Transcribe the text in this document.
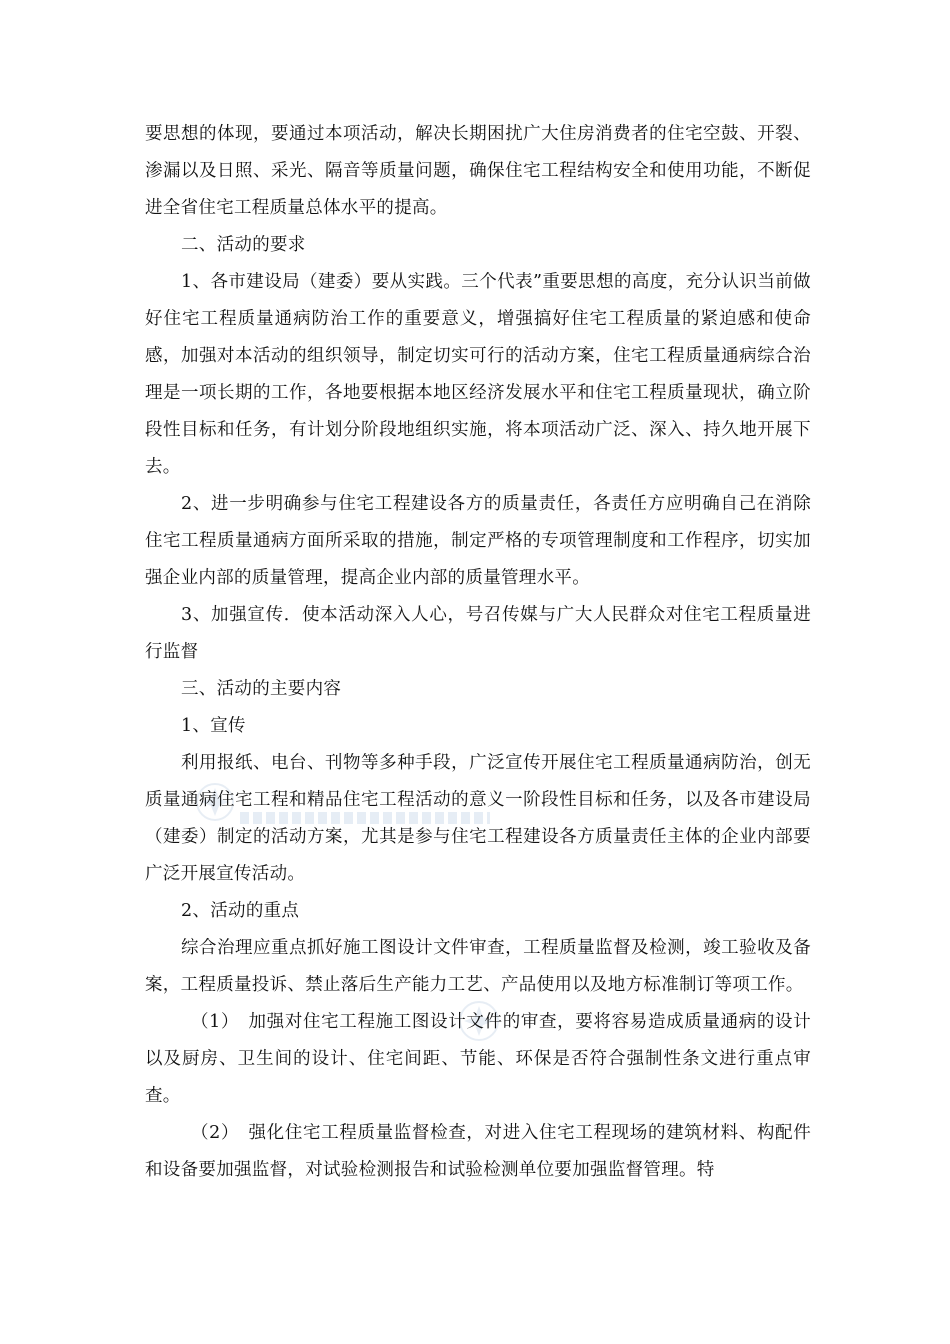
要思想的体现，要通过本项活动，解决长期困扰广大住房消费者的住宅空鼓、开裂、渗漏以及日照、采光、隔音等质量问题，确保住宅工程结构安全和使用功能，不断促进全省住宅工程质量总体水平的提高。

二、活动的要求

1、各市建设局（建委）要从实践。三个代表”重要思想的高度，充分认识当前做好住宅工程质量通病防治工作的重要意义，增强搞好住宅工程质量的紧迫感和使命感，加强对本活动的组织领导，制定切实可行的活动方案，住宅工程质量通病综合治理是一项长期的工作，各地要根据本地区经济发展水平和住宅工程质量现状，确立阶段性目标和任务，有计划分阶段地组织实施，将本项活动广泛、深入、持久地开展下去。

2、进一步明确参与住宅工程建设各方的质量责任，各责任方应明确自己在消除住宅工程质量通病方面所采取的措施，制定严格的专项管理制度和工作程序，切实加强企业内部的质量管理，提高企业内部的质量管理水平。

3、加强宣传．使本活动深入人心，号召传媒与广大人民群众对住宅工程质量进行监督

三、活动的主要内容

1、宣传

利用报纸、电台、刊物等多种手段，广泛宣传开展住宅工程质量通病防治，创无质量通病住宅工程和精品住宅工程活动的意义一阶段性目标和任务，以及各市建设局（建委）制定的活动方案，尤其是参与住宅工程建设各方质量责任主体的企业内部要广泛开展宣传活动。

2、活动的重点

综合治理应重点抓好施工图设计文件审查，工程质量监督及检测，竣工验收及备案，工程质量投诉、禁止落后生产能力工艺、产品使用以及地方标准制订等项工作。

（1）　加强对住宅工程施工图设计文件的审查，要将容易造成质量通病的设计以及厨房、卫生间的设计、住宅间距、节能、环保是否符合强制性条文进行重点审查。

（2）　强化住宅工程质量监督检查，对进入住宅工程现场的建筑材料、构配件和设备要加强监督，对试验检测报告和试验检测单位要加强监督管理。特
